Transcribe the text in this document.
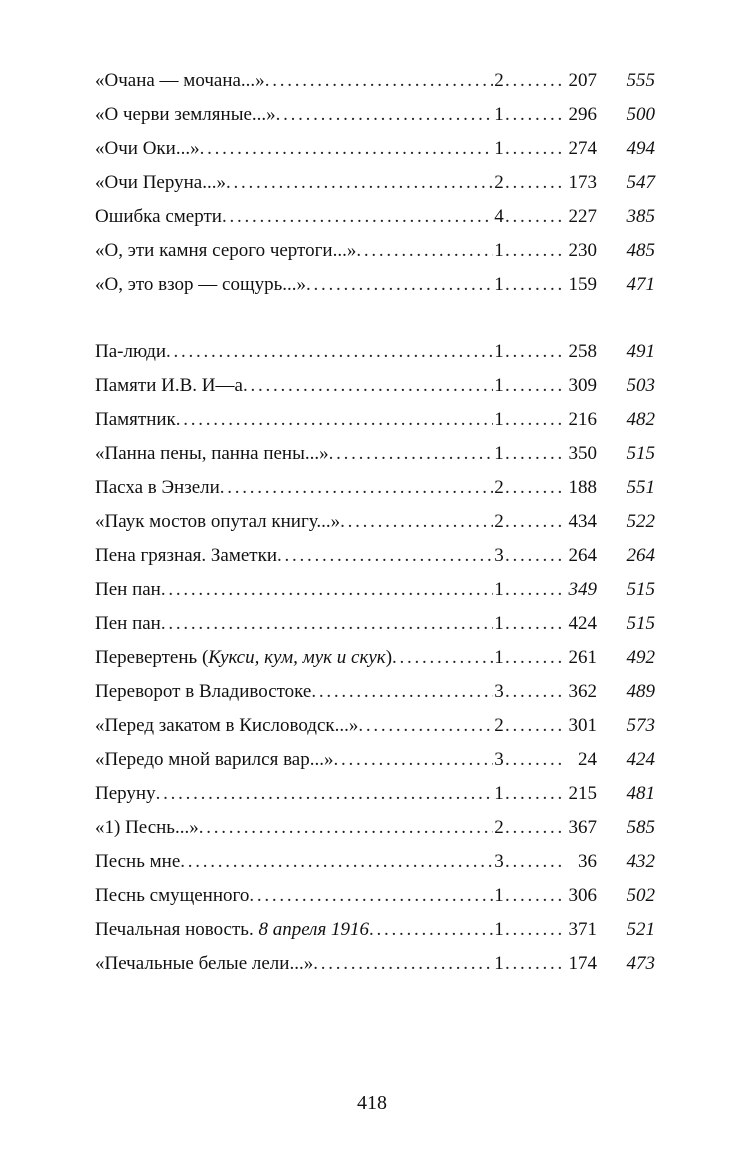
«Очана — мочана...» . . .	2 . . .	207	555
«О черви земляные...» . . .	1 . . .	296	500
«Очи Оки...» . . .	1 . . .	274	494
«Очи Перуна...» . . .	2 . . .	173	547
Ошибка смерти . . .	4 . . .	227	385
«О, эти камня серого чертоги...» . . .	1 . . .	230	485
«О, это взор — сощурь...» . . .	1 . . .	159	471
Па-люди . . .	1 . . .	258	491
Памяти И.В. И—а . . .	1 . . .	309	503
Памятник . . .	1 . . .	216	482
«Панна пены, панна пены...» . . .	1 . . .	350	515
Пасха в Энзели . . .	2 . . .	188	551
«Паук мостов опутал книгу...» . . .	2 . . .	434	522
Пена грязная. Заметки . . .	3 . . .	264	264
Пен пан . . .	1 . . .	349	515
Пен пан . . .	1 . . .	424	515
Перевертень (Кукси, кум, мук и скук) . . .	1 . . .	261	492
Переворот в Владивостоке . . .	3 . . .	362	489
«Перед закатом в Кисловодск...» . . .	2 . . .	301	573
«Передо мной варился вар...» . . .	3 . . .	24	424
Перуну . . .	1 . . .	215	481
«1) Песнь...» . . .	2 . . .	367	585
Песнь мне . . .	3 . . .	36	432
Песнь смущенного . . .	1 . . .	306	502
Печальная новость. 8 апреля 1916 . . .	1 . . .	371	521
«Печальные белые лели...» . . .	1 . . .	174	473
418
